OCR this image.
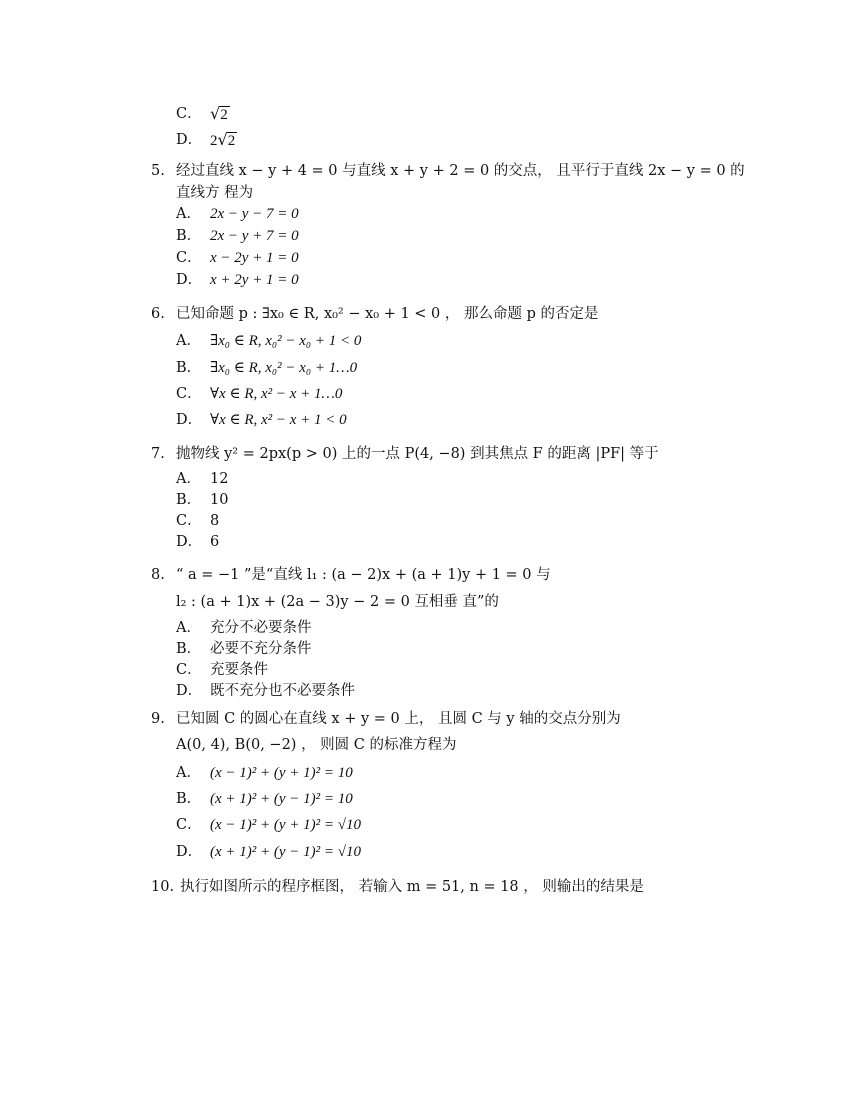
C． √2
D． 2√2
5. 经过直线 x − y + 4 = 0 与直线 x + y + 2 = 0 的交点， 且平行于直线 2x − y = 0 的
直线方 程为
A． 2x − y − 7 = 0
B． 2x − y + 7 = 0
C． x − 2y + 1 = 0
D． x + 2y + 1 = 0
6. 已知命题 p : ∃x₀ ∈ R, x₀² − x₀ + 1 < 0 ， 那么命题 p 的否定是
A． ∃x₀ ∈ R, x₀² − x₀ + 1 < 0
B． ∃x₀ ∈ R, x₀² − x₀ + 1…0
C． ∀x ∈ R, x² − x + 1…0
D． ∀x ∈ R, x² − x + 1 < 0
7. 抛物线 y² = 2px(p > 0) 上的一点 P(4, −8) 到其焦点 F 的距离 |PF| 等于
A． 12
B． 10
C． 8
D． 6
8. “ a = −1 ”是“直线 l₁ : (a − 2)x + (a + 1)y + 1 = 0 与
l₂ : (a + 1)x + (2a − 3)y − 2 = 0 互相垂 直”的
A． 充分不必要条件
B． 必要不充分条件
C． 充要条件
D． 既不充分也不必要条件
9. 已知圆 C 的圆心在直线 x + y = 0 上， 且圆 C 与 y 轴的交点分别为
A(0, 4), B(0, −2) ， 则圆 C 的标准方程为
A． (x − 1)² + (y + 1)² = 10
B． (x + 1)² + (y − 1)² = 10
C． (x − 1)² + (y + 1)² = √10
D． (x + 1)² + (y − 1)² = √10
10. 执行如图所示的程序框图， 若输入 m = 51, n = 18 ， 则输出的结果是
